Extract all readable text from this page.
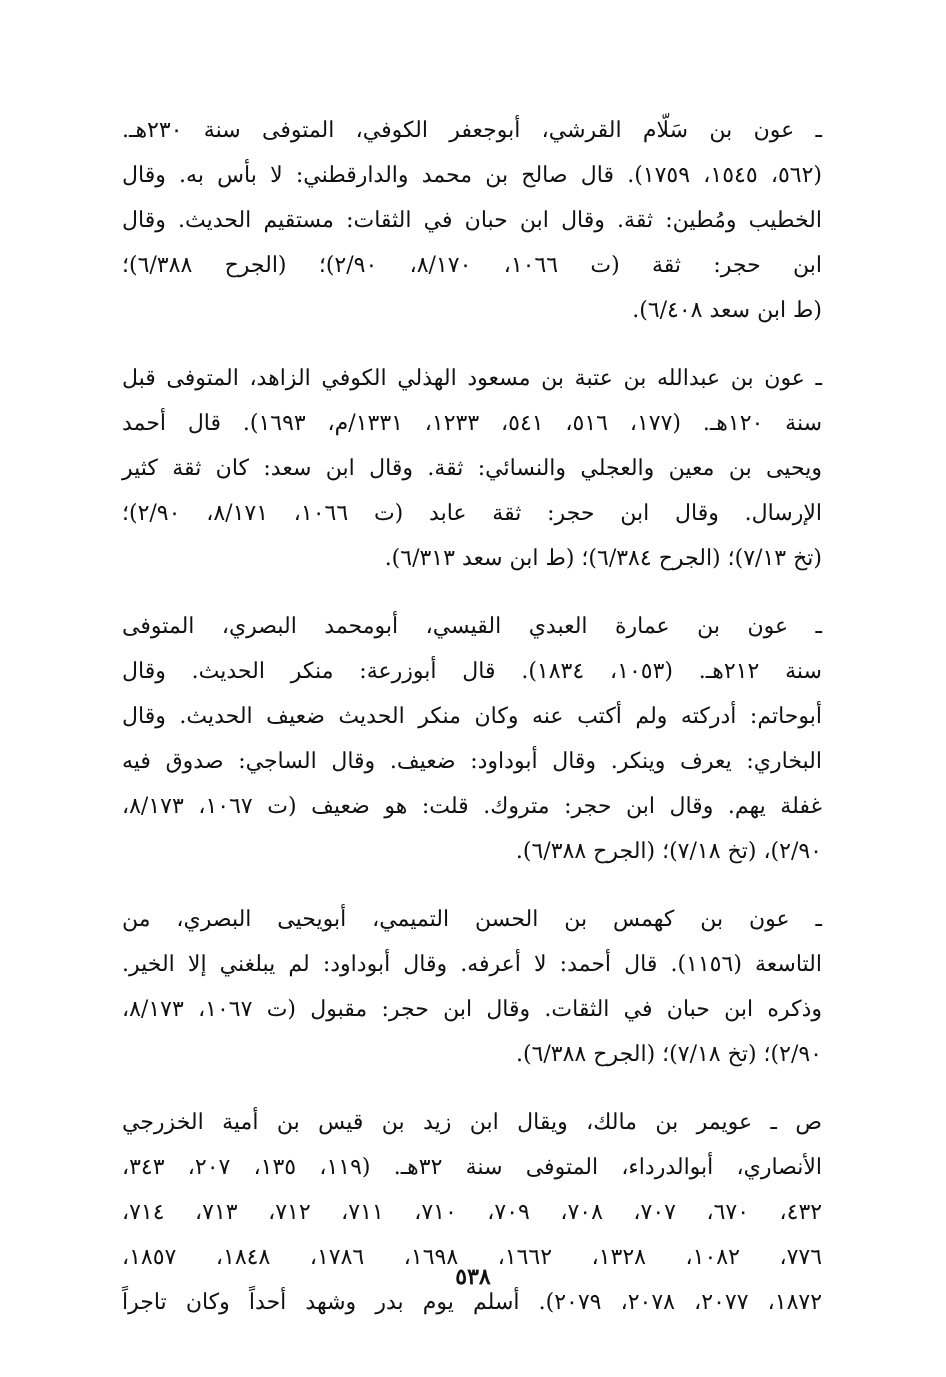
ـ عون بن سَلّام القرشي، أبوجعفر الكوفي، المتوفى سنة ٢٣٠هـ.
(٥٦٢، ١٥٤٥، ١٧٥٩). قال صالح بن محمد والدارقطني: لا بأس به. وقال
الخطيب ومُطين: ثقة. وقال ابن حبان في الثقات: مستقيم الحديث. وقال
ابن حجر: ثقة (ت ١٠٦٦، ٨/١٧٠، ٢/٩٠)؛ (الجرح ٦/٣٨٨)؛
(ط ابن سعد ٦/٤٠٨).
ـ عون بن عبدالله بن عتبة بن مسعود الهذلي الكوفي الزاهد، المتوفى قبل
سنة ١٢٠هـ. (١٧٧، ٥١٦، ٥٤١، ١٢٣٣، ١٣٣١/م، ١٦٩٣). قال أحمد
ويحيى بن معين والعجلي والنسائي: ثقة. وقال ابن سعد: كان ثقة كثير
الإرسال. وقال ابن حجر: ثقة عابد (ت ١٠٦٦، ٨/١٧١، ٢/٩٠)؛
(تخ ٧/١٣)؛ (الجرح ٦/٣٨٤)؛ (ط ابن سعد ٦/٣١٣).
ـ عون بن عمارة العبدي القيسي، أبومحمد البصري، المتوفى
سنة ٢١٢هـ. (١٠٥٣، ١٨٣٤). قال أبوزرعة: منكر الحديث. وقال
أبوحاتم: أدركته ولم أكتب عنه وكان منكر الحديث ضعيف الحديث. وقال
البخاري: يعرف وينكر. وقال أبوداود: ضعيف. وقال الساجي: صدوق فيه
غفلة يهم. وقال ابن حجر: متروك. قلت: هو ضعيف (ت ١٠٦٧، ٨/١٧٣،
٢/٩٠)، (تخ ٧/١٨)؛ (الجرح ٦/٣٨٨).
ـ عون بن كهمس بن الحسن التميمي، أبويحيى البصري، من
التاسعة (١١٥٦). قال أحمد: لا أعرفه. وقال أبوداود: لم يبلغني إلا الخير.
وذكره ابن حبان في الثقات. وقال ابن حجر: مقبول (ت ١٠٦٧، ٨/١٧٣،
٢/٩٠)؛ (تخ ٧/١٨)؛ (الجرح ٦/٣٨٨).
ص ـ عويمر بن مالك، ويقال ابن زيد بن قيس بن أمية الخزرجي
الأنصاري، أبوالدرداء، المتوفى سنة ٣٢هـ. (١١٩، ١٣٥، ٢٠٧، ٣٤٣،
٤٣٢، ٦٧٠، ٧٠٧، ٧٠٨، ٧٠٩، ٧١٠، ٧١١، ٧١٢، ٧١٣، ٧١٤،
٧٧٦، ١٠٨٢، ١٣٢٨، ١٦٦٢، ١٦٩٨، ١٧٨٦، ١٨٤٨، ١٨٥٧،
١٨٧٢، ٢٠٧٧، ٢٠٧٨، ٢٠٧٩). أسلم يوم بدر وشهد أحداً وكان تاجراً
٥٣٨
